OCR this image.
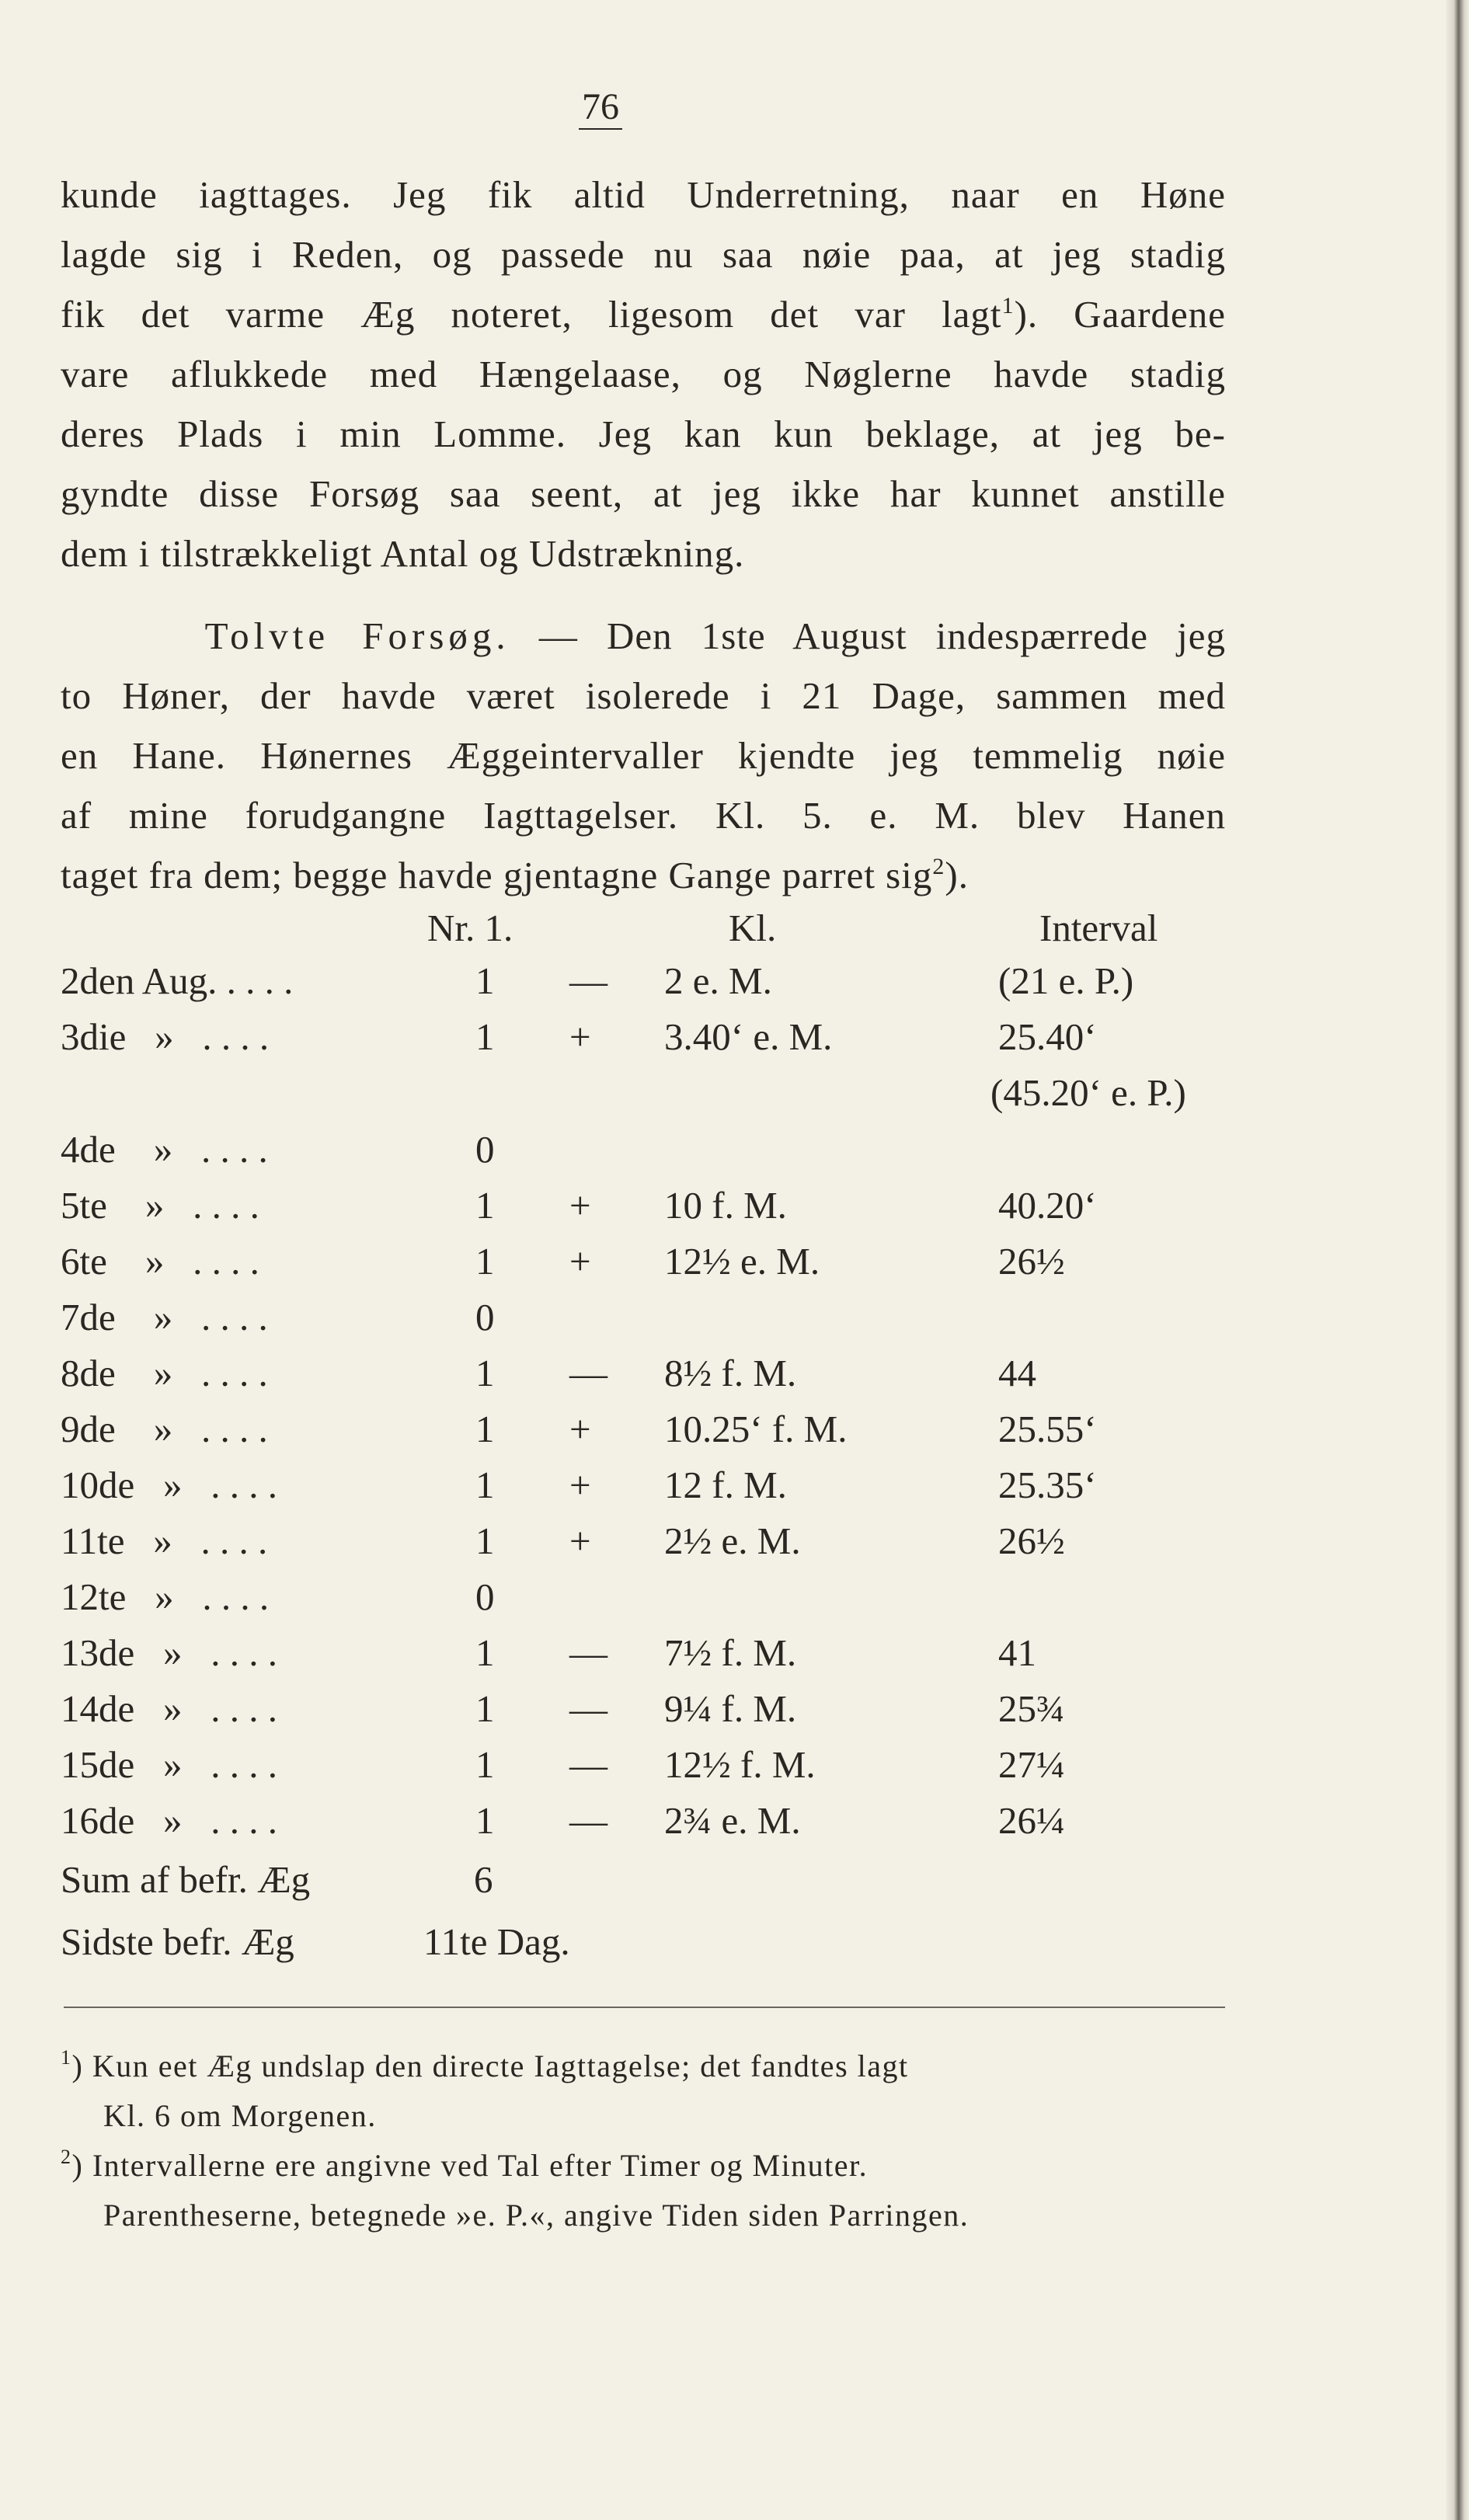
76
kunde iagttages. Jeg fik altid Underretning, naar en Høne
lagde sig i Reden, og passede nu saa nøie paa, at jeg stadig
fik det varme Æg noteret, ligesom det var lagt$^1$). Gaardene
vare aflukkede med Hængelaase, og Nøglerne havde stadig
deres Plads i min Lomme. Jeg kan kun beklage, at jeg be-
gyndte disse Forsøg saa seent, at jeg ikke har kunnet anstille
dem i tilstrækkeligt Antal og Udstrækning.
Tolvte Forsøg. — Den 1ste August indespærrede jeg
to Høner, der havde været isolerede i 21 Dage, sammen med
en Hane. Hønernes Æggeintervaller kjendte jeg temmelig nøie
af mine forudgangne Iagttagelser. Kl. 5. e. M. blev Hanen
taget fra dem; begge havde gjentagne Gange parret sig$^2$).
Nr. 1.	Kl.	Interval
2den Aug. . . . .	1 — 2 e. M.	(21 e. P.)
3die   »   . . . .	1 + 3.40‘ e. M.	25.40‘
(45.20‘ e. P.)
4de    »   . . . .	0
5te    »   . . . .	1 + 10 f. M.	40.20‘
6te    »   . . . .	1 + 12½ e. M.	26½
7de    »   . . . .	0
8de    »   . . . .	1 — 8½ f. M.	44
9de    »   . . . .	1 + 10.25‘ f. M.	25.55‘
10de   »   . . . .	1 + 12 f. M.	25.35‘
11te   »   . . . .	1 + 2½ e. M.	26½
12te   »   . . . .	0
13de   »   . . . .	1 — 7½ f. M.	41
14de   »   . . . .	1 — 9¼ f. M.	25¾
15de   »   . . . .	1 — 12½ f. M.	27¼
16de   »   . . . .	1 — 2¾ e. M.	26¼
Sum af befr. Æg	6
Sidste befr. Æg	11te Dag.
$^1$) Kun eet Æg undslap den directe Iagttagelse; det fandtes lagt
Kl. 6 om Morgenen.
$^2$) Intervallerne ere angivne ved Tal efter Timer og Minuter.
Parentheserne, betegnede »e. P.«, angive Tiden siden Parringen.
